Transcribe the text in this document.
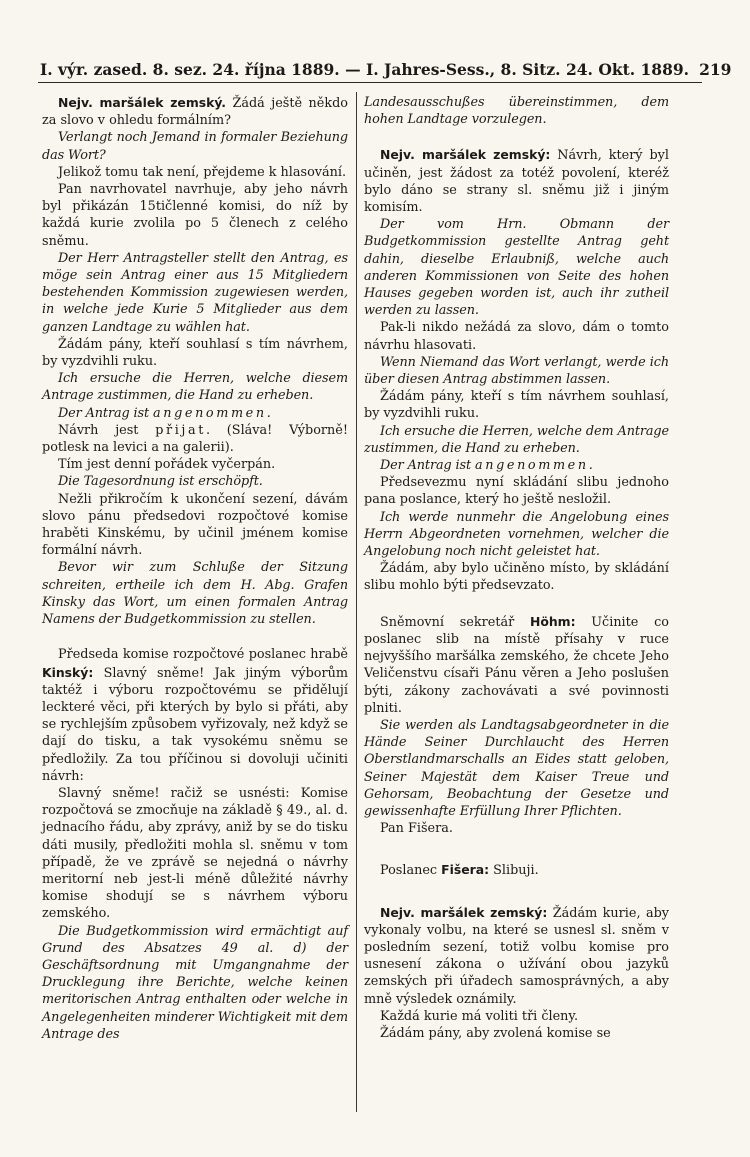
I. výr. zased. 8. sez. 24. října 1889. — I. Jahres-Sess., 8. Sitz. 24. Okt. 1889. 219

Nejv. maršálek zemský. Žádá ještě někdo za slovo v ohledu formálním?

Verlangt noch Jemand in formaler Beziehung das Wort?

Jelikož tomu tak není, přejdeme k hlasování.

Pan navrhovatel navrhuje, aby jeho návrh byl přikázán 15tičlenné komisi, do níž by každá kurie zvolila po 5 členech z celého sněmu.

Der Herr Antragsteller stellt den Antrag, es möge sein Antrag einer aus 15 Mitgliedern bestehenden Kommission zugewiesen werden, in welche jede Kurie 5 Mitglieder aus dem ganzen Landtage zu wählen hat.

Žádám pány, kteří souhlasí s tím návrhem, by vyzdvihli ruku.

Ich ersuche die Herren, welche diesem Antrage zustimmen, die Hand zu erheben.

Der Antrag ist angenommen.

Návrh jest přijat. (Sláva! Výborně! potlesk na levici a na galerii).

Tím jest denní pořádek vyčerpán.

Die Tagesordnung ist erschöpft.

Nežli přikročím k ukončení sezení, dávám slovo pánu předsedovi rozpočtové komise hraběti Kinskému, by učinil jménem komise formální návrh.

Bevor wir zum Schluße der Sitzung schreiten, ertheile ich dem H. Abg. Grafen Kinsky das Wort, um einen formalen Antrag Namens der Budgetkommission zu stellen.

Předseda komise rozpočtové poslanec hrabě Kinský: Slavný sněme! Jak jiným výborům taktéž i výboru rozpočtovému se přidělují leckteré věci, při kterých by bylo si přáti, aby se rychlejším způsobem vyřizovaly, než když se dají do tisku, a tak vysokému sněmu se předložily. Za tou příčinou si dovoluji učiniti návrh:

Slavný sněme! račiž se usnésti: Komise rozpočtová se zmocňuje na základě § 49., al. d. jednacího řádu, aby zprávy, aniž by se do tisku dáti musily, předložiti mohla sl. sněmu v tom případě, že ve zprávě se nejedná o návrhy meritorní neb jest-li méně důležité návrhy komise shodují se s návrhem výboru zemského.

Die Budgetkommission wird ermächtigt auf Grund des Absatzes 49 al. d) der Geschäftsordnung mit Umgangnahme der Drucklegung ihre Berichte, welche keinen meritorischen Antrag enthalten oder welche in Angelegenheiten minderer Wichtigkeit mit dem Antrage des

Landesausschußes übereinstimmen, dem hohen Landtage vorzulegen.

Nejv. maršálek zemský: Návrh, který byl učiněn, jest žádost za totéž povolení, kteréž bylo dáno se strany sl. sněmu již i jiným komisím.

Der vom Hrn. Obmann der Budgetkommission gestellte Antrag geht dahin, dieselbe Erlaubniß, welche auch anderen Kommissionen von Seite des hohen Hauses gegeben worden ist, auch ihr zutheil werden zu lassen.

Pak-li nikdo nežádá za slovo, dám o tomto návrhu hlasovati.

Wenn Niemand das Wort verlangt, werde ich über diesen Antrag abstimmen lassen.

Žádám pány, kteří s tím návrhem souhlasí, by vyzdvihli ruku.

Ich ersuche die Herren, welche dem Antrage zustimmen, die Hand zu erheben.

Der Antrag ist angenommen.

Předsevezmu nyní skládání slibu jednoho pana poslance, který ho ještě nesložil.

Ich werde nunmehr die Angelobung eines Herrn Abgeordneten vornehmen, welcher die Angelobung noch nicht geleistet hat.

Žádám, aby bylo učiněno místo, by skládání slibu mohlo býti předsevzato.

Sněmovní sekretář Höhm: Učinite co poslanec slib na místě přísahy v ruce nejvyššího maršálka zemského, že chcete Jeho Veličenstvu císaři Pánu věren a Jeho poslušen býti, zákony zachovávati a své povinnosti plniti.

Sie werden als Landtagsabgeordneter in die Hände Seiner Durchlaucht des Herren Oberstlandmarschalls an Eides statt geloben, Seiner Majestät dem Kaiser Treue und Gehorsam, Beobachtung der Gesetze und gewissenhafte Erfüllung Ihrer Pflichten.

Pan Fišera.

Poslanec Fišera: Slibuji.

Nejv. maršálek zemský: Žádám kurie, aby vykonaly volbu, na které se usnesl sl. sněm v posledním sezení, totiž volbu komise pro usnesení zákona o užívání obou jazyků zemských při úřadech samosprávných, a aby mně výsledek oznámily.

Každá kurie má voliti tři členy.

Žádám pány, aby zvolená komise se
